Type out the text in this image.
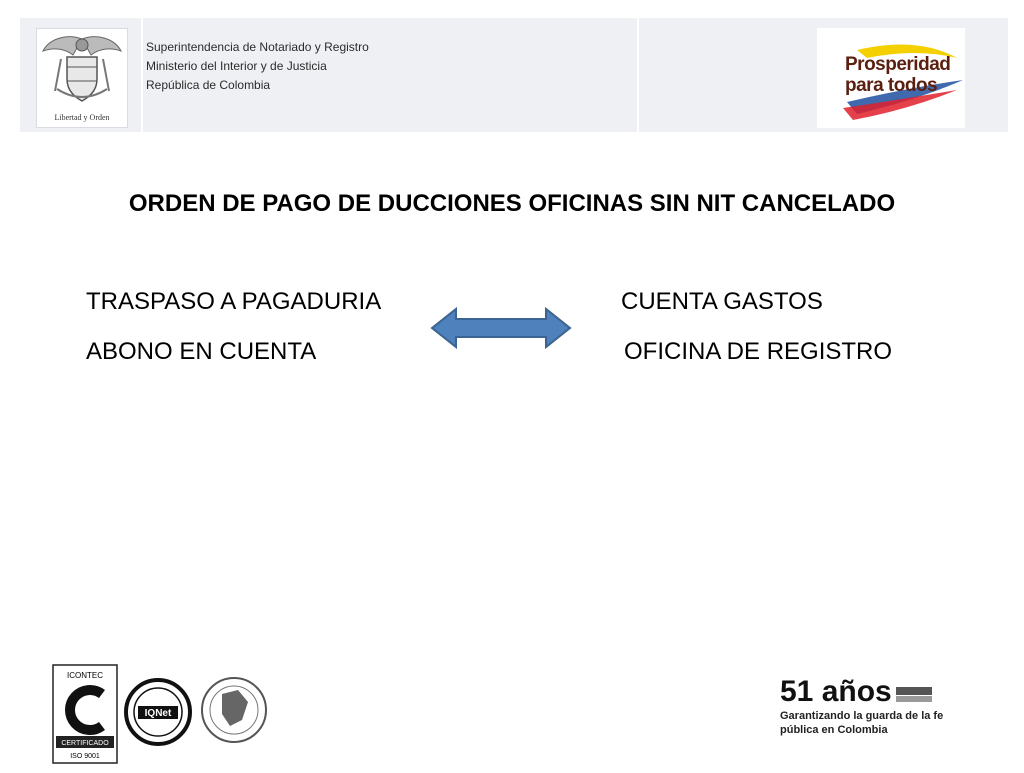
Libertad y Orden
Superintendencia de Notariado y Registro
Ministerio del Interior y de Justicia
República de Colombia
Prosperidad
para todos
ORDEN DE PAGO DE DUCCIONES OFICINAS SIN NIT CANCELADO
TRASPASO A PAGADURIA
ABONO EN CUENTA
CUENTA GASTOS
OFICINA DE REGISTRO
ICONTEC
CERTIFICADO
ISO 9001
IQNet
51 años
Garantizando la guarda de la fe pública en Colombia
